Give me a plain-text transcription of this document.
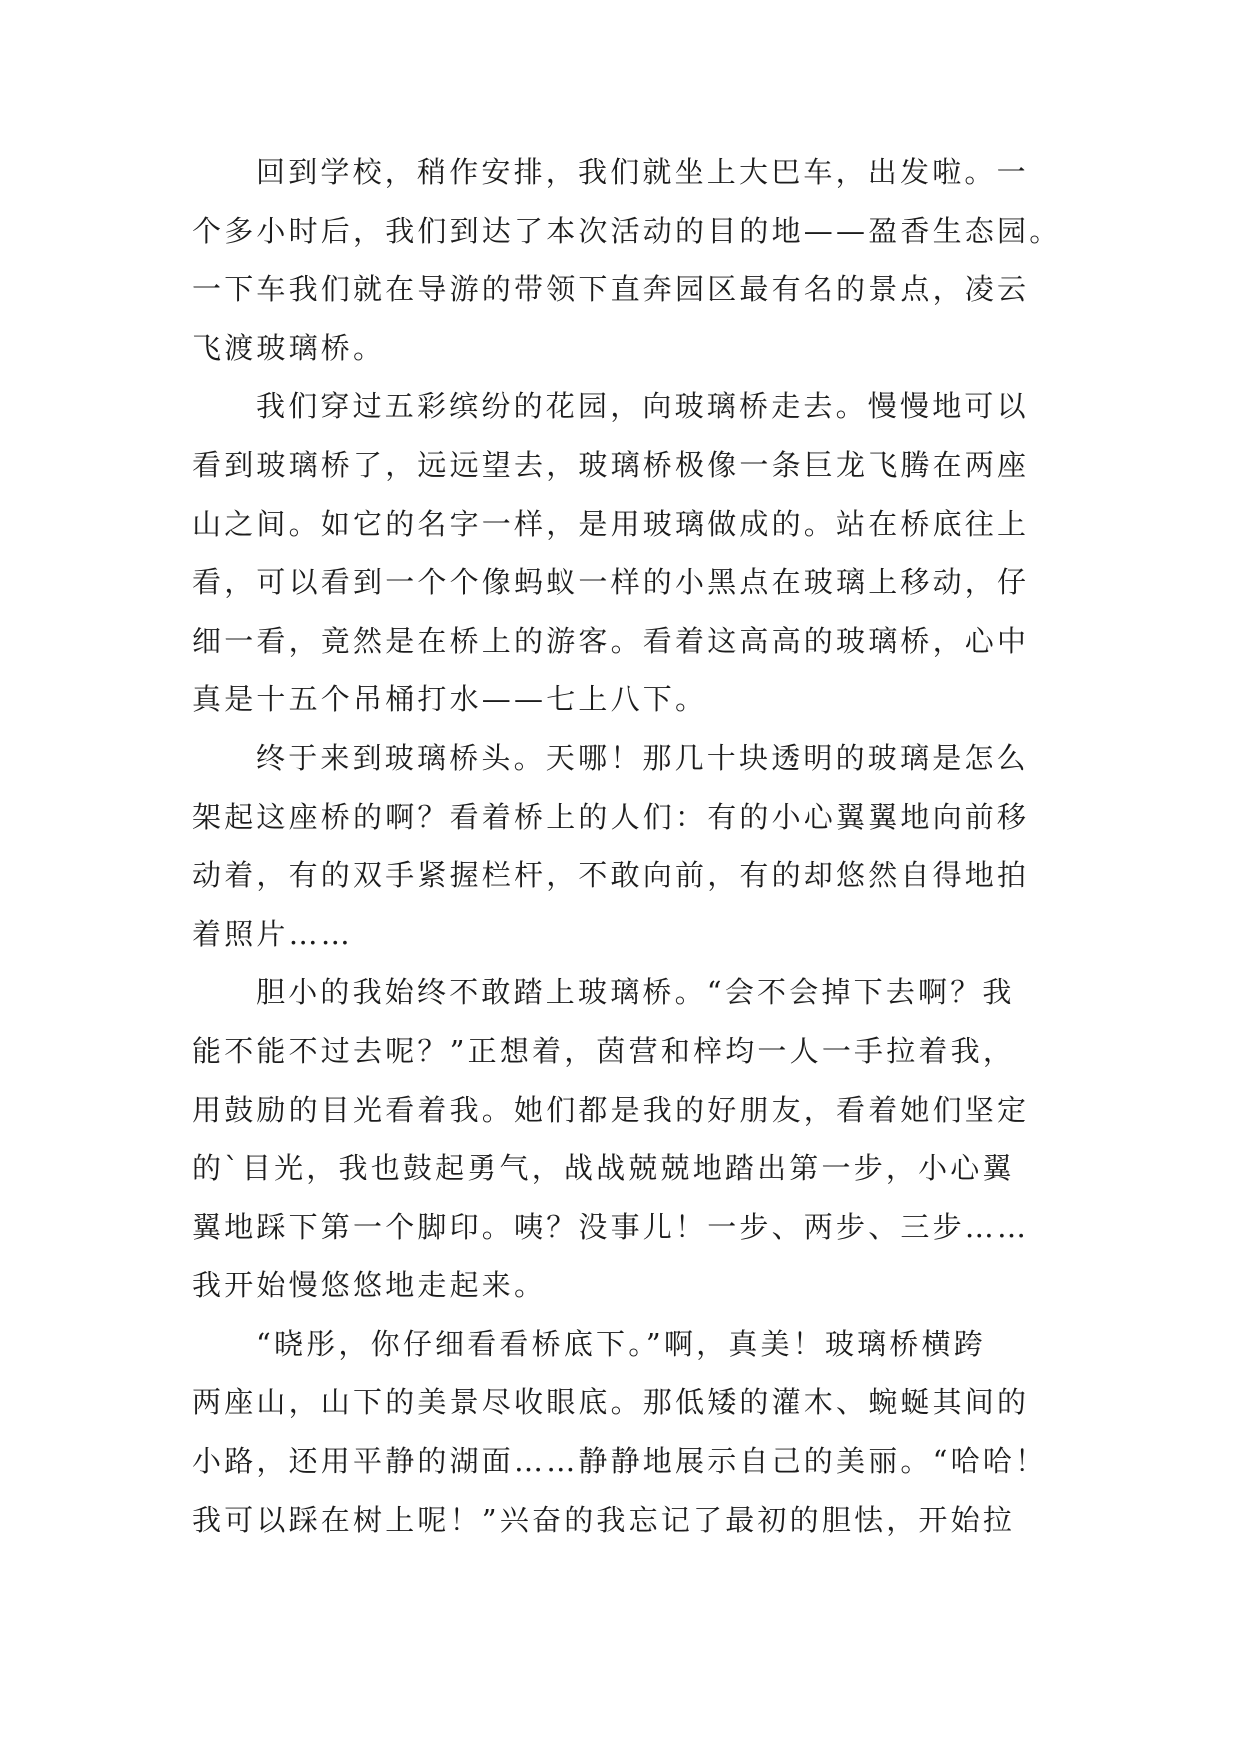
回到学校，稍作安排，我们就坐上大巴车，出发啦。一
个多小时后，我们到达了本次活动的目的地——盈香生态园。
一下车我们就在导游的带领下直奔园区最有名的景点，凌云
飞渡玻璃桥。
我们穿过五彩缤纷的花园，向玻璃桥走去。慢慢地可以
看到玻璃桥了，远远望去，玻璃桥极像一条巨龙飞腾在两座
山之间。如它的名字一样，是用玻璃做成的。站在桥底往上
看，可以看到一个个像蚂蚁一样的小黑点在玻璃上移动，仔
细一看，竟然是在桥上的游客。看着这高高的玻璃桥，心中
真是十五个吊桶打水——七上八下。
终于来到玻璃桥头。天哪！那几十块透明的玻璃是怎么
架起这座桥的啊？看着桥上的人们：有的小心翼翼地向前移
动着，有的双手紧握栏杆，不敢向前，有的却悠然自得地拍
着照片……
胆小的我始终不敢踏上玻璃桥。“会不会掉下去啊？我
能不能不过去呢？”正想着，茵营和梓均一人一手拉着我，
用鼓励的目光看着我。她们都是我的好朋友，看着她们坚定
的`目光，我也鼓起勇气，战战兢兢地踏出第一步，小心翼
翼地踩下第一个脚印。咦？没事儿！一步、两步、三步……
我开始慢悠悠地走起来。
“晓彤，你仔细看看桥底下。”啊，真美！玻璃桥横跨
两座山，山下的美景尽收眼底。那低矮的灌木、蜿蜒其间的
小路，还用平静的湖面……静静地展示自己的美丽。“哈哈！
我可以踩在树上呢！”兴奋的我忘记了最初的胆怯，开始拉
